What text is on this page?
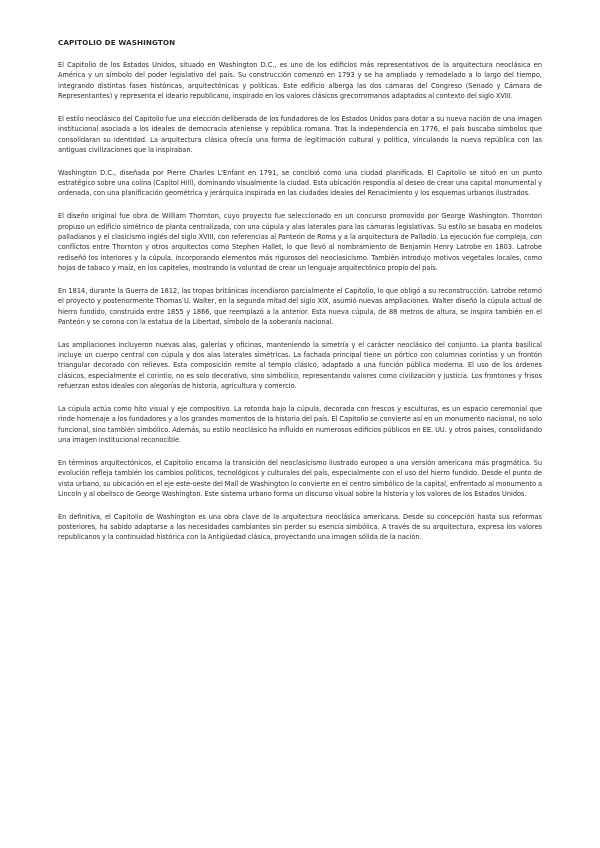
CAPITOLIO DE WASHINGTON

El Capitolio de los Estados Unidos, situado en Washington D.C., es uno de los edificios más representativos de la arquitectura neoclásica en América y un símbolo del poder legislativo del país. Su construcción comenzó en 1793 y se ha ampliado y remodelado a lo largo del tiempo, integrando distintas fases históricas, arquitectónicas y políticas. Este edificio alberga las dos cámaras del Congreso (Senado y Cámara de Representantes) y representa el ideario republicano, inspirado en los valores clásicos grecorromanos adaptados al contexto del siglo XVIII.

El estilo neoclásico del Capitolio fue una elección deliberada de los fundadores de los Estados Unidos para dotar a su nueva nación de una imagen institucional asociada a los ideales de democracia ateniense y república romana. Tras la independencia en 1776, el país buscaba símbolos que consolidaran su identidad. La arquitectura clásica ofrecía una forma de legitimación cultural y política, vinculando la nueva república con las antiguas civilizaciones que la inspiraban.

Washington D.C., diseñada por Pierre Charles L'Enfant en 1791, se concibió como una ciudad planificada. El Capitolio se situó en un punto estratégico sobre una colina (Capitol Hill), dominando visualmente la ciudad. Esta ubicación respondía al deseo de crear una capital monumental y ordenada, con una planificación geométrica y jerárquica inspirada en las ciudades ideales del Renacimiento y los esquemas urbanos ilustrados.

El diseño original fue obra de William Thornton, cuyo proyecto fue seleccionado en un concurso promovido por George Washington. Thornton propuso un edificio simétrico de planta centralizada, con una cúpula y alas laterales para las cámaras legislativas. Su estilo se basaba en modelos palladianos y el clasicismo inglés del siglo XVIII, con referencias al Panteón de Roma y a la arquitectura de Palladio. La ejecución fue compleja, con conflictos entre Thornton y otros arquitectos como Stephen Hallet, lo que llevó al nombramiento de Benjamin Henry Latrobe en 1803. Latrobe rediseñó los interiores y la cúpula, incorporando elementos más rigurosos del neoclasicismo. También introdujo motivos vegetales locales, como hojas de tabaco y maíz, en los capiteles, mostrando la voluntad de crear un lenguaje arquitectónico propio del país.

En 1814, durante la Guerra de 1812, las tropas británicas incendiaron parcialmente el Capitolio, lo que obligó a su reconstrucción. Latrobe retomó el proyecto y posteriormente Thomas U. Walter, en la segunda mitad del siglo XIX, asumió nuevas ampliaciones. Walter diseñó la cúpula actual de hierro fundido, construida entre 1855 y 1866, que reemplazó a la anterior. Esta nueva cúpula, de 88 metros de altura, se inspira también en el Panteón y se corona con la estatua de la Libertad, símbolo de la soberanía nacional.

Las ampliaciones incluyeron nuevas alas, galerías y oficinas, manteniendo la simetría y el carácter neoclásico del conjunto. La planta basilical incluye un cuerpo central con cúpula y dos alas laterales simétricas. La fachada principal tiene un pórtico con columnas corintias y un frontón triangular decorado con relieves. Esta composición remite al templo clásico, adaptado a una función pública moderna. El uso de los órdenes clásicos, especialmente el corintio, no es solo decorativo, sino simbólico, representando valores como civilización y justicia. Los frontones y frisos refuerzan estos ideales con alegorías de historia, agricultura y comercio.

La cúpula actúa como hito visual y eje compositivo. La rotonda bajo la cúpula, decorada con frescos y esculturas, es un espacio ceremonial que rinde homenaje a los fundadores y a los grandes momentos de la historia del país. El Capitolio se convierte así en un monumento nacional, no solo funcional, sino también simbólico. Además, su estilo neoclásico ha influido en numerosos edificios públicos en EE. UU. y otros países, consolidando una imagen institucional reconocible.

En términos arquitectónicos, el Capitolio encarna la transición del neoclasicismo ilustrado europeo a una versión americana más pragmática. Su evolución refleja también los cambios políticos, tecnológicos y culturales del país, especialmente con el uso del hierro fundido. Desde el punto de vista urbano, su ubicación en el eje este-oeste del Mall de Washington lo convierte en el centro simbólico de la capital, enfrentado al monumento a Lincoln y al obelisco de George Washington. Este sistema urbano forma un discurso visual sobre la historia y los valores de los Estados Unidos.

En definitiva, el Capitolio de Washington es una obra clave de la arquitectura neoclásica americana. Desde su concepción hasta sus reformas posteriores, ha sabido adaptarse a las necesidades cambiantes sin perder su esencia simbólica. A través de su arquitectura, expresa los valores republicanos y la continuidad histórica con la Antigüedad clásica, proyectando una imagen sólida de la nación.
